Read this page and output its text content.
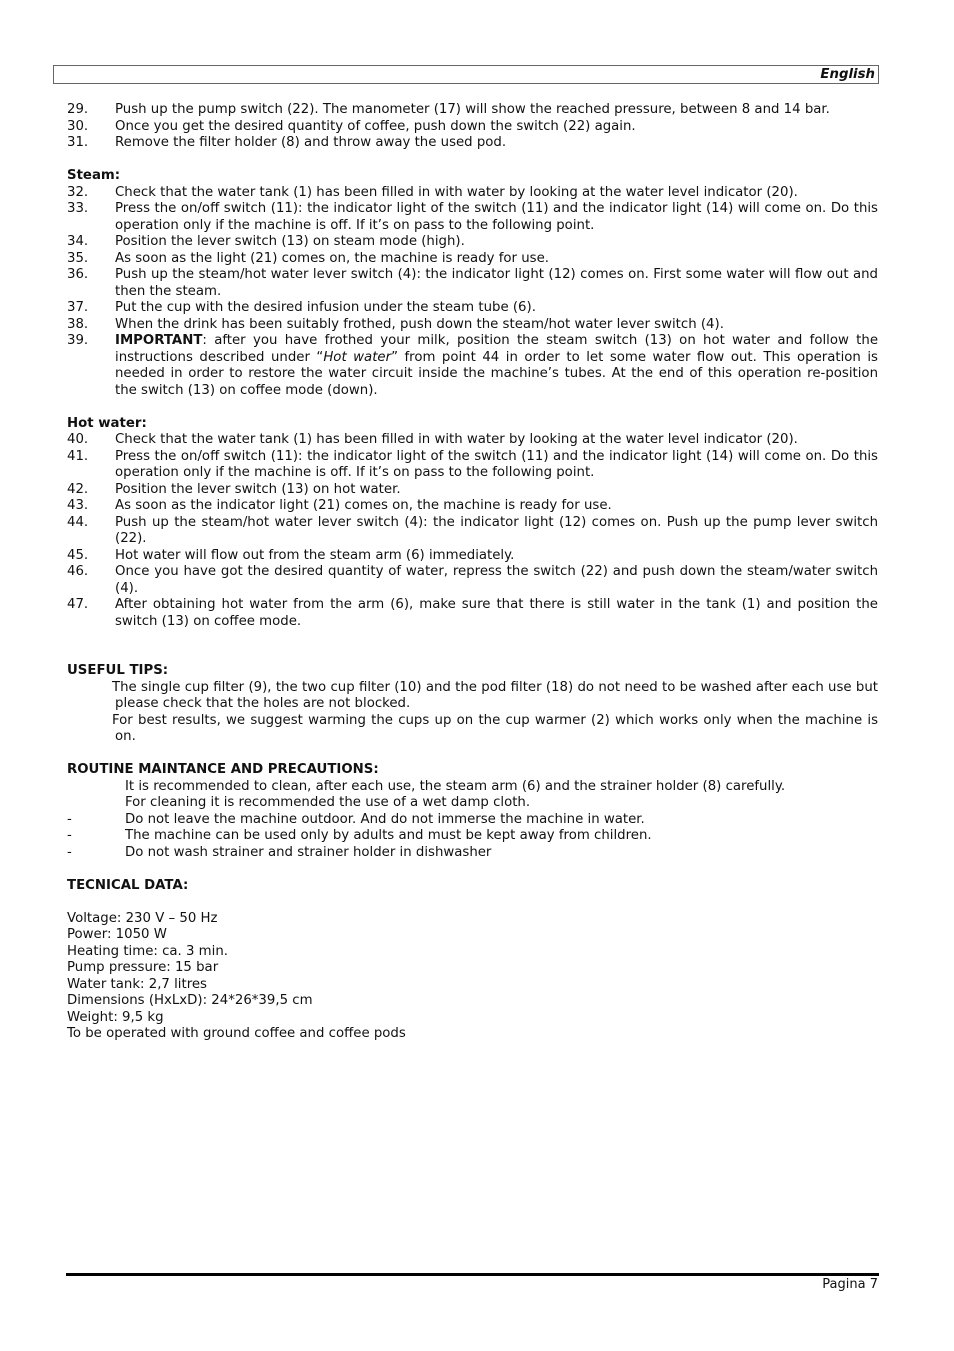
English
29. Push up the pump switch (22). The manometer (17) will show the reached pressure, between 8 and 14 bar.
30. Once you get the desired quantity of coffee, push down the switch (22) again.
31. Remove the filter holder (8) and throw away the used pod.
Steam:
32. Check that the water tank (1) has been filled in with water by looking at the water level indicator (20).
33. Press the on/off switch (11): the indicator light of the switch (11) and the indicator light (14) will come on. Do this operation only if the machine is off. If it’s on pass to the following point.
34. Position the lever switch (13) on steam mode (high).
35. As soon as the light (21) comes on, the machine is ready for use.
36. Push up the steam/hot water lever switch (4): the indicator light (12) comes on. First some water will flow out and then the steam.
37. Put the cup with the desired infusion under the steam tube (6).
38. When the drink has been suitably frothed, push down the steam/hot water lever switch (4).
39. IMPORTANT: after you have frothed your milk, position the steam switch (13) on hot water and follow the instructions described under “Hot water” from point 44 in order to let some water flow out. This operation is needed in order to restore the water circuit inside the machine’s tubes. At the end of this operation re-position the switch (13) on coffee mode (down).
Hot water:
40. Check that the water tank (1) has been filled in with water by looking at the water level indicator (20).
41. Press the on/off switch (11): the indicator light of the switch (11) and the indicator light (14) will come on. Do this operation only if the machine is off. If it’s on pass to the following point.
42. Position the lever switch (13) on hot water.
43. As soon as the indicator light (21) comes on, the machine is ready for use.
44. Push up the steam/hot water lever switch (4): the indicator light (12) comes on. Push up the pump lever switch (22).
45. Hot water will flow out from the steam arm (6) immediately.
46. Once you have got the desired quantity of water, repress the switch (22) and push down the steam/water switch (4).
47. After obtaining hot water from the arm (6), make sure that there is still water in the tank (1) and position the switch (13) on coffee mode.
USEFUL TIPS:
The single cup filter (9), the two cup filter (10) and the pod filter (18) do not need to be washed after each use but please check that the holes are not blocked.
For best results, we suggest warming the cups up on the cup warmer (2) which works only when the machine is on.
ROUTINE MAINTANCE AND PRECAUTIONS:
It is recommended to clean, after each use, the steam arm (6) and the strainer holder (8) carefully.
For cleaning it is recommended the use of a wet damp cloth.
-	Do not leave the machine outdoor. And do not immerse the machine in water.
-	The machine can be used only by adults and must be kept away from children.
-	Do not wash strainer and strainer holder in dishwasher
TECNICAL DATA:
Voltage: 230 V – 50 Hz
Power: 1050 W
Heating time: ca. 3 min.
Pump pressure: 15 bar
Water tank: 2,7 litres
Dimensions (HxLxD): 24*26*39,5 cm
Weight: 9,5 kg
To be operated with ground coffee and coffee pods
Pagina 7
